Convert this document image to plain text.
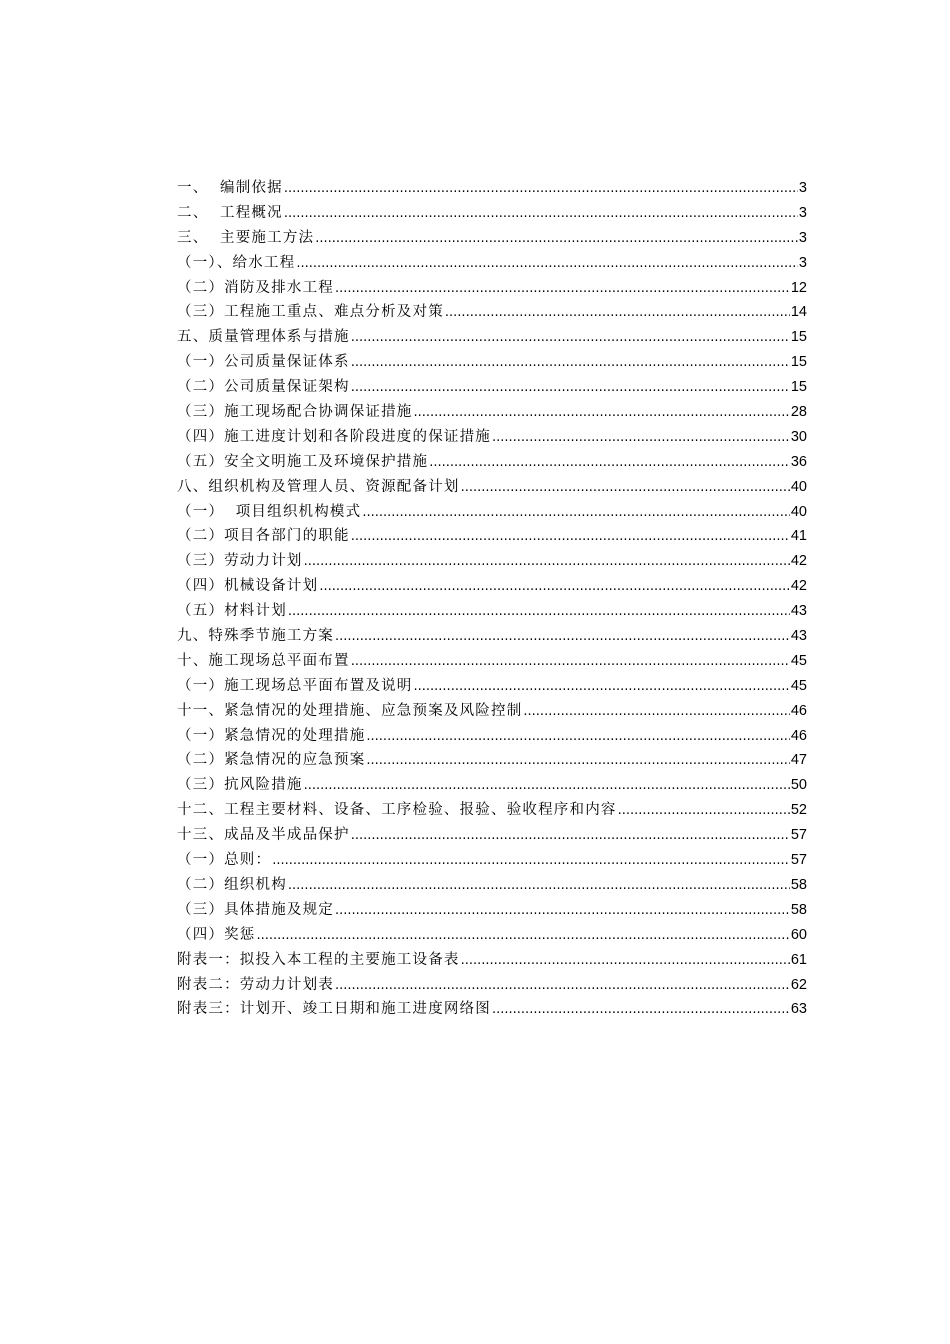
一、  编制依据 .....	3
二、  工程概况 .....	3
三、  主要施工方法 .....	3
（一）、给水工程 .....	3
（二）消防及排水工程 .....	12
（三）工程施工重点、难点分析及对策 .....	14
五、质量管理体系与措施 .....	15
（一）公司质量保证体系 .....	15
（二）公司质量保证架构 .....	15
（三）施工现场配合协调保证措施 .....	28
（四）施工进度计划和各阶段进度的保证措施 .....	30
（五）安全文明施工及环境保护措施 .....	36
八、组织机构及管理人员、资源配备计划 .....	40
（一）  项目组织机构模式 .....	40
（二）项目各部门的职能 .....	41
（三）劳动力计划 .....	42
（四）机械设备计划 .....	42
（五）材料计划 .....	43
九、特殊季节施工方案 .....	43
十、施工现场总平面布置 .....	45
（一）施工现场总平面布置及说明 .....	45
十一、紧急情况的处理措施、应急预案及风险控制 .....	46
（一）紧急情况的处理措施 .....	46
（二）紧急情况的应急预案 .....	47
（三）抗风险措施 .....	50
十二、工程主要材料、设备、工序检验、报验、验收程序和内容 .....	52
十三、成品及半成品保护 .....	57
（一）总则： .....	57
（二）组织机构 .....	58
（三）具体措施及规定 .....	58
（四）奖惩 .....	60
附表一：拟投入本工程的主要施工设备表 .....	61
附表二：劳动力计划表 .....	62
附表三：计划开、竣工日期和施工进度网络图 .....	63
